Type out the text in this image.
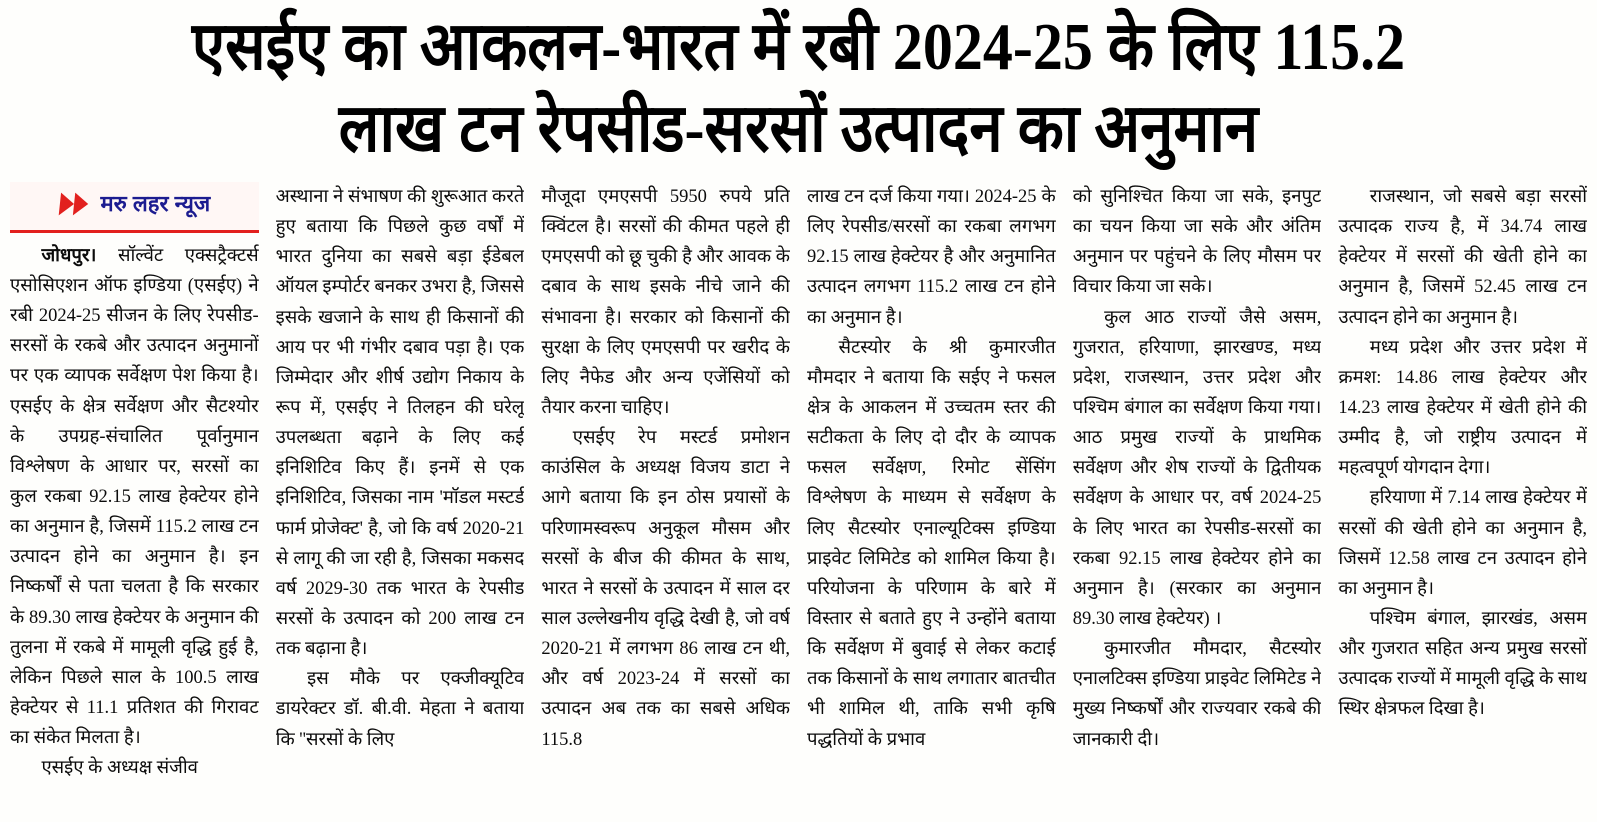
एसईए का आकलन-भारत में रबी 2024-25 के लिए 115.2
लाख टन रेपसीड-सरसों उत्पादन का अनुमान
मरु लहर न्यूज

जोधपुर। सॉल्वेंट एक्सट्रैक्टर्स एसोसिएशन ऑफ इण्डिया (एसईए) ने रबी 2024-25 सीजन के लिए रेपसीड-सरसों के रकबे और उत्पादन अनुमानों पर एक व्यापक सर्वेक्षण पेश किया है। एसईए के क्षेत्र सर्वेक्षण और सैटश्योर के उपग्रह-संचालित पूर्वानुमान विश्लेषण के आधार पर, सरसों का कुल रकबा 92.15 लाख हेक्टेयर होने का अनुमान है, जिसमें 115.2 लाख टन उत्पादन होने का अनुमान है। इन निष्कर्षों से पता चलता है कि सरकार के 89.30 लाख हेक्टेयर के अनुमान की तुलना में रकबे में मामूली वृद्धि हुई है, लेकिन पिछले साल के 100.5 लाख हेक्टेयर से 11.1 प्रतिशत की गिरावट का संकेत मिलता है।

एसईए के अध्यक्ष संजीव

अस्थाना ने संभाषण की शुरूआत करते हुए बताया कि पिछले कुछ वर्षों में भारत दुनिया का सबसे बड़ा ईडेबल ऑयल इम्पोर्टर बनकर उभरा है, जिससे इसके खजाने के साथ ही किसानों की आय पर भी गंभीर दबाव पड़ा है। एक जिम्मेदार और शीर्ष उद्योग निकाय के रूप में, एसईए ने तिलहन की घरेलू उपलब्धता बढ़ाने के लिए कई इनिशिटिव किए हैं। इनमें से एक इनिशिटिव, जिसका नाम 'मॉडल मस्टर्ड फार्म प्रोजेक्ट' है, जो कि वर्ष 2020-21 से लागू की जा रही है, जिसका मकसद वर्ष 2029-30 तक भारत के रेपसीड सरसों के उत्पादन को 200 लाख टन तक बढ़ाना है।

इस मौके पर एक्जीक्यूटिव डायरेक्टर डॉ. बी.वी. मेहता ने बताया कि ''सरसों के लिए

मौजूदा एमएसपी 5950 रुपये प्रति क्विंटल है। सरसों की कीमत पहले ही एमएसपी को छू चुकी है और आवक के दबाव के साथ इसके नीचे जाने की संभावना है। सरकार को किसानों की सुरक्षा के लिए एमएसपी पर खरीद के लिए नैफेड और अन्य एजेंसियों को तैयार करना चाहिए।

एसईए रेप मस्टर्ड प्रमोशन काउंसिल के अध्यक्ष विजय डाटा ने आगे बताया कि इन ठोस प्रयासों के परिणामस्वरूप अनुकूल मौसम और सरसों के बीज की कीमत के साथ, भारत ने सरसों के उत्पादन में साल दर साल उल्लेखनीय वृद्धि देखी है, जो वर्ष 2020-21 में लगभग 86 लाख टन थी, और वर्ष 2023-24 में सरसों का उत्पादन अब तक का सबसे अधिक 115.8

लाख टन दर्ज किया गया। 2024-25 के लिए रेपसीड/सरसों का रकबा लगभग 92.15 लाख हेक्टेयर है और अनुमानित उत्पादन लगभग 115.2 लाख टन होने का अनुमान है।

सैटस्योर के श्री कुमारजीत मौमदार ने बताया कि सईए ने फसल क्षेत्र के आकलन में उच्चतम स्तर की सटीकता के लिए दो दौर के व्यापक फसल सर्वेक्षण, रिमोट सेंसिंग विश्लेषण के माध्यम से सर्वेक्षण के लिए सैटस्योर एनाल्यूटिक्स इण्डिया प्राइवेट लिमिटेड को शामिल किया है। परियोजना के परिणाम के बारे में विस्तार से बताते हुए ने उन्होंने बताया कि सर्वेक्षण में बुवाई से लेकर कटाई तक किसानों के साथ लगातार बातचीत भी शामिल थी, ताकि सभी कृषि पद्धतियों के प्रभाव

को सुनिश्चित किया जा सके, इनपुट का चयन किया जा सके और अंतिम अनुमान पर पहुंचने के लिए मौसम पर विचार किया जा सके।

कुल आठ राज्यों जैसे असम, गुजरात, हरियाणा, झारखण्ड, मध्य प्रदेश, राजस्थान, उत्तर प्रदेश और पश्चिम बंगाल का सर्वेक्षण किया गया। आठ प्रमुख राज्यों के प्राथमिक सर्वेक्षण और शेष राज्यों के द्वितीयक सर्वेक्षण के आधार पर, वर्ष 2024-25 के लिए भारत का रेपसीड-सरसों का रकबा 92.15 लाख हेक्टेयर होने का अनुमान है। (सरकार का अनुमान 89.30 लाख हेक्टेयर) ।

कुमारजीत मौमदार, सैटस्योर एनालटिक्स इण्डिया प्राइवेट लिमिटेड ने मुख्य निष्कर्षों और राज्यवार रकबे की जानकारी दी।

राजस्थान, जो सबसे बड़ा सरसों उत्पादक राज्य है, में 34.74 लाख हेक्टेयर में सरसों की खेती होने का अनुमान है, जिसमें 52.45 लाख टन उत्पादन होने का अनुमान है।

मध्य प्रदेश और उत्तर प्रदेश में क्रमश: 14.86 लाख हेक्टेयर और 14.23 लाख हेक्टेयर में खेती होने की उम्मीद है, जो राष्ट्रीय उत्पादन में महत्वपूर्ण योगदान देगा।

हरियाणा में 7.14 लाख हेक्टेयर में सरसों की खेती होने का अनुमान है, जिसमें 12.58 लाख टन उत्पादन होने का अनुमान है।

पश्चिम बंगाल, झारखंड, असम और गुजरात सहित अन्य प्रमुख सरसों उत्पादक राज्यों में मामूली वृद्धि के साथ स्थिर क्षेत्रफल दिखा है।
